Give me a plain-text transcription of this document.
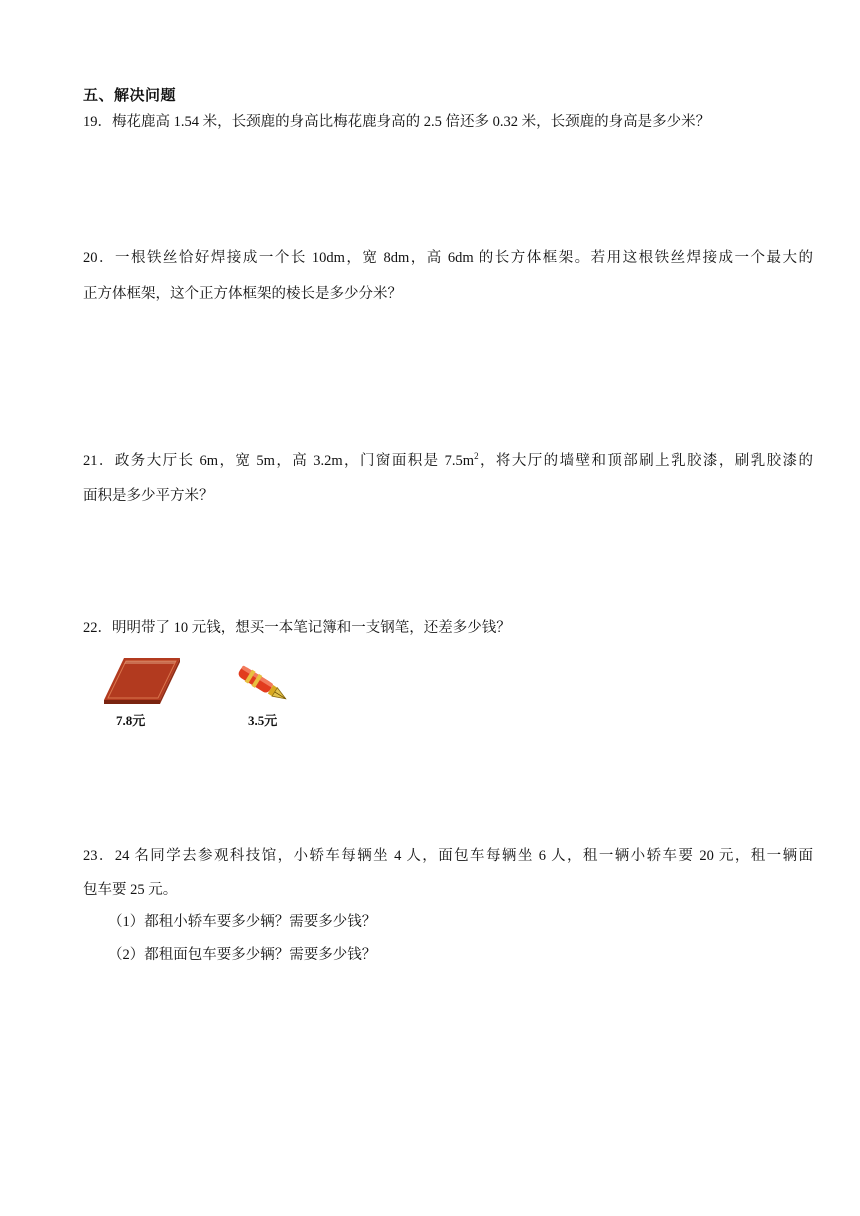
五、解决问题
19．梅花鹿高 1.54 米，长颈鹿的身高比梅花鹿身高的 2.5 倍还多 0.32 米，长颈鹿的身高是多少米？
20．一根铁丝恰好焊接成一个长 10dm，宽 8dm，高 6dm 的长方体框架。若用这根铁丝焊接成一个最大的
正方体框架，这个正方体框架的棱长是多少分米？
21．政务大厅长 6m，宽 5m，高 3.2m，门窗面积是 $7.5m^2$，将大厅的墙壁和顶部刷上乳胶漆，刷乳胶漆的
面积是多少平方米？
22．明明带了 10 元钱，想买一本笔记簿和一支钢笔，还差多少钱？
7.8元	3.5元
23．24 名同学去参观科技馆，小轿车每辆坐 4 人，面包车每辆坐 6 人，租一辆小轿车要 20 元，租一辆面
包车要 25 元。
（1）都租小轿车要多少辆？需要多少钱？
（2）都租面包车要多少辆？需要多少钱？
